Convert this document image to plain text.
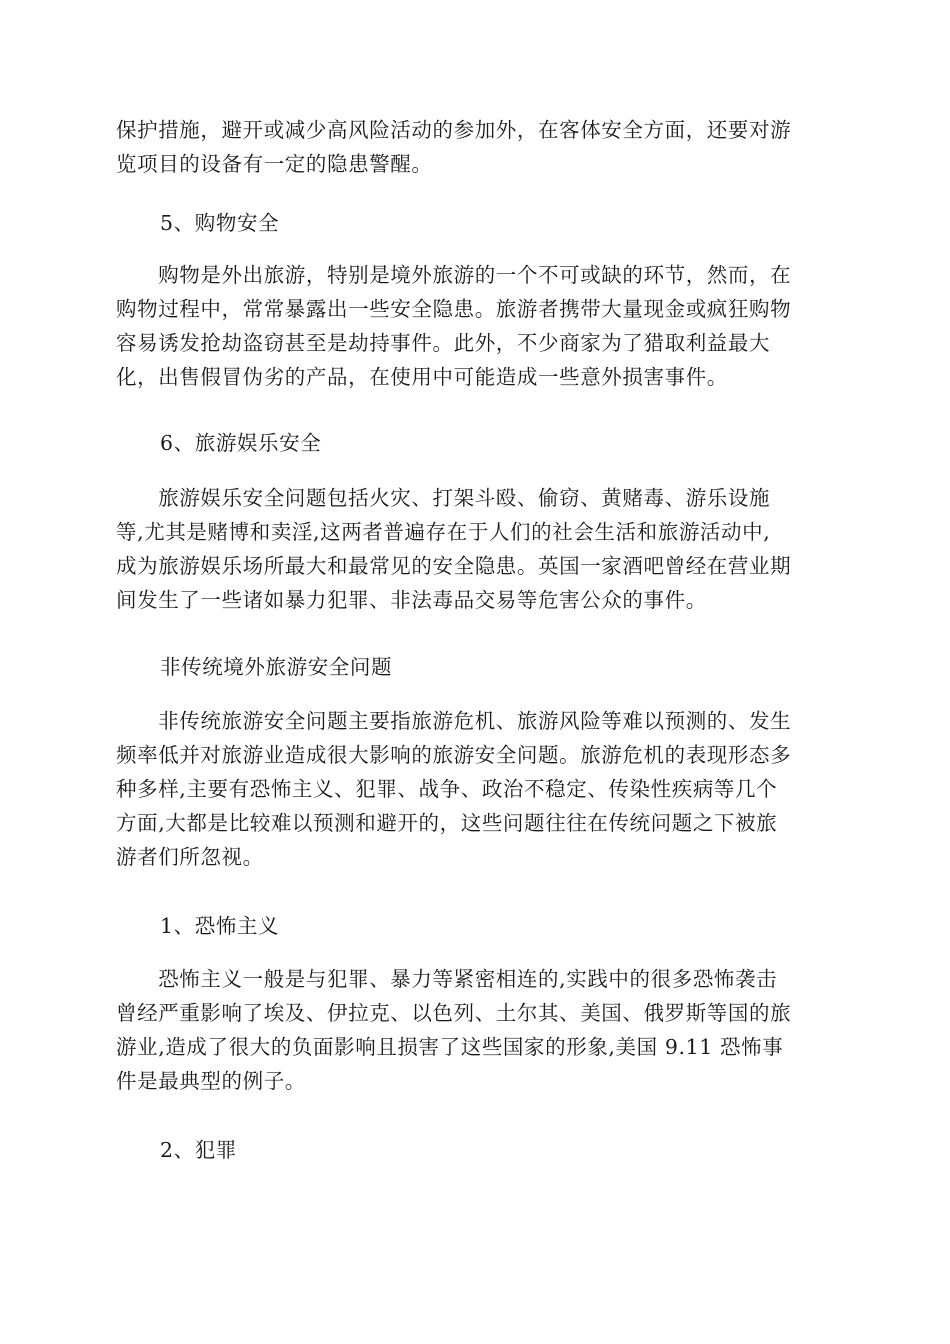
保护措施，避开或减少高风险活动的参加外，在客体安全方面，还要对游

览项目的设备有一定的隐患警醒。

5、购物安全

　　购物是外出旅游，特别是境外旅游的一个不可或缺的环节，然而，在

购物过程中，常常暴露出一些安全隐患。旅游者携带大量现金或疯狂购物

容易诱发抢劫盗窃甚至是劫持事件。此外，不少商家为了猎取利益最大

化，出售假冒伪劣的产品，在使用中可能造成一些意外损害事件。

6、旅游娱乐安全

　　旅游娱乐安全问题包括火灾、打架斗殴、偷窃、黄赌毒、游乐设施

等,尤其是赌博和卖淫,这两者普遍存在于人们的社会生活和旅游活动中,

成为旅游娱乐场所最大和最常见的安全隐患。英国一家酒吧曾经在营业期

间发生了一些诸如暴力犯罪、非法毒品交易等危害公众的事件。

非传统境外旅游安全问题

　　非传统旅游安全问题主要指旅游危机、旅游风险等难以预测的、发生

频率低并对旅游业造成很大影响的旅游安全问题。旅游危机的表现形态多

种多样,主要有恐怖主义、犯罪、战争、政治不稳定、传染性疾病等几个

方面,大都是比较难以预测和避开的，这些问题往往在传统问题之下被旅

游者们所忽视。

1、恐怖主义

　　恐怖主义一般是与犯罪、暴力等紧密相连的,实践中的很多恐怖袭击

曾经严重影响了埃及、伊拉克、以色列、土尔其、美国、俄罗斯等国的旅

游业,造成了很大的负面影响且损害了这些国家的形象,美国 9.11 恐怖事

件是最典型的例子。

2、犯罪
